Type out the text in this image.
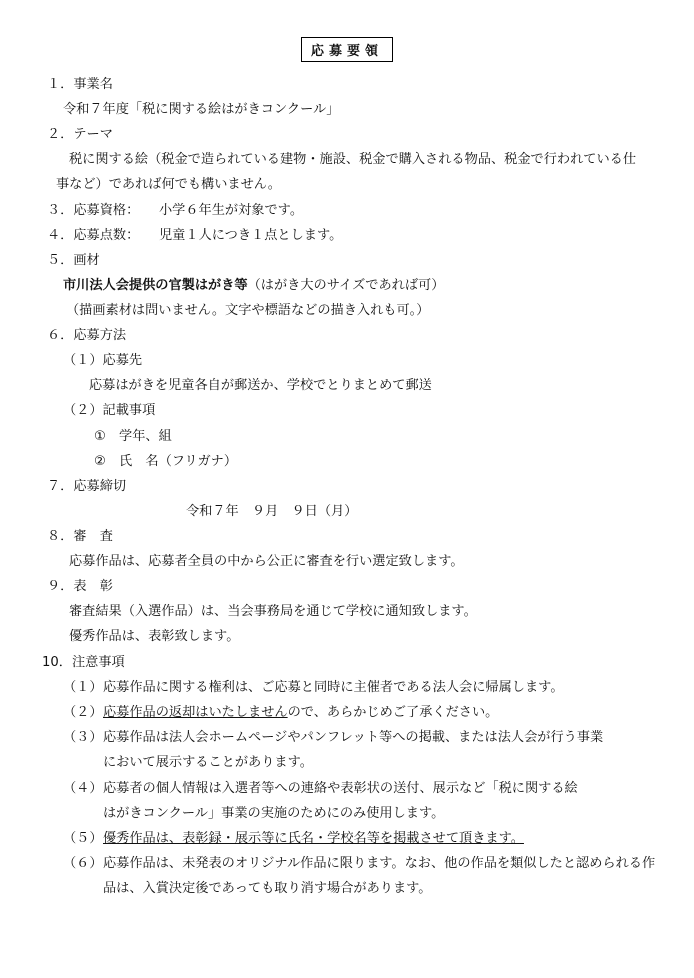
応募要領
１．事業名
令和７年度「税に関する絵はがきコンクール」
２．テーマ
税に関する絵（税金で造られている建物・施設、税金で購入される物品、税金で行われている仕
事など）であれば何でも構いません。
３．応募資格： 小学６年生が対象です。
４．応募点数： 児童１人につき１点とします。
５．画材
市川法人会提供の官製はがき等（はがき大のサイズであれば可）
（描画素材は問いません。文字や標語などの描き入れも可。）
６．応募方法
（１）応募先
応募はがきを児童各自が郵送か、学校でとりまとめて郵送
（２）記載事項
①　学年、組
②　氏　名（フリガナ）
７．応募締切
令和７年　９月　９日（月）
８．審　査
応募作品は、応募者全員の中から公正に審査を行い選定致します。
９．表　彰
審査結果（入選作品）は、当会事務局を通じて学校に通知致します。
優秀作品は、表彰致します。
10．注意事項
（１） 応募作品に関する権利は、ご応募と同時に主催者である法人会に帰属します。
（２） 応募作品の返却はいたしませんので、あらかじめご了承ください。
（３） 応募作品は法人会ホームページやパンフレット等への掲載、または法人会が行う事業
において展示することがあります。
（４） 応募者の個人情報は入選者等への連絡や表彰状の送付、展示など「税に関する絵
はがきコンクール」事業の実施のためにのみ使用します。
（５） 優秀作品は、表彰録・展示等に氏名・学校名等を掲載させて頂きます。
（６） 応募作品は、未発表のオリジナル作品に限ります。なお、他の作品を類似したと認められる作
品は、入賞決定後であっても取り消す場合があります。
